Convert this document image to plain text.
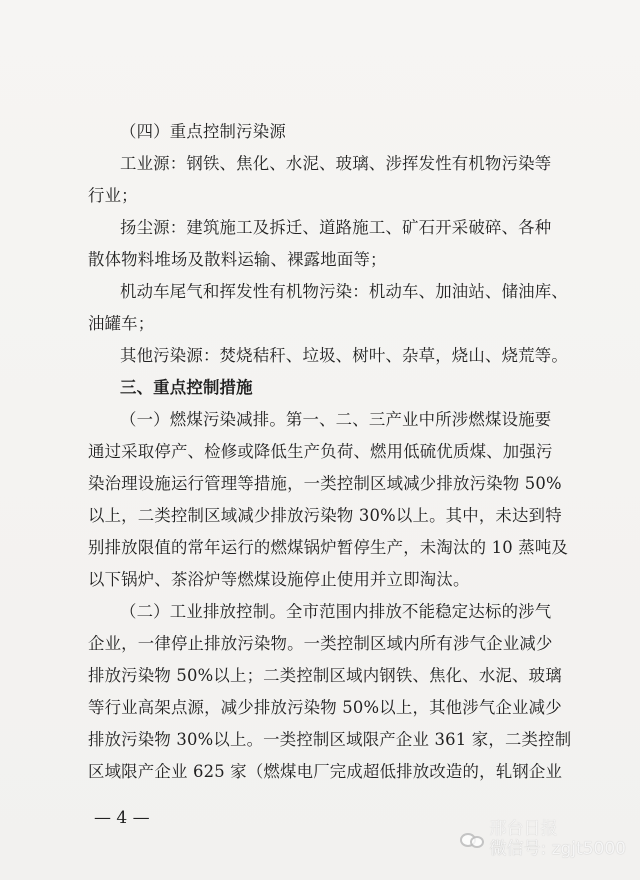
（四）重点控制污染源
工业源：钢铁、焦化、水泥、玻璃、涉挥发性有机物污染等
行业；
扬尘源：建筑施工及拆迁、道路施工、矿石开采破碎、各种
散体物料堆场及散料运输、裸露地面等；
机动车尾气和挥发性有机物污染：机动车、加油站、储油库、
油罐车；
其他污染源：焚烧秸秆、垃圾、树叶、杂草，烧山、烧荒等。
三、重点控制措施
（一）燃煤污染减排。第一、二、三产业中所涉燃煤设施要
通过采取停产、检修或降低生产负荷、燃用低硫优质煤、加强污
染治理设施运行管理等措施，一类控制区域减少排放污染物 50%
以上，二类控制区域减少排放污染物 30%以上。其中，未达到特
别排放限值的常年运行的燃煤锅炉暂停生产，未淘汰的 10 蒸吨及
以下锅炉、茶浴炉等燃煤设施停止使用并立即淘汰。
（二）工业排放控制。全市范围内排放不能稳定达标的涉气
企业，一律停止排放污染物。一类控制区域内所有涉气企业减少
排放污染物 50%以上；二类控制区域内钢铁、焦化、水泥、玻璃
等行业高架点源，减少排放污染物 50%以上，其他涉气企业减少
排放污染物 30%以上。一类控制区域限产企业 361 家，二类控制
区域限产企业 625 家（燃煤电厂完成超低排放改造的，轧钢企业
— 4 —
邢台日报
微信号: zgjt5000
